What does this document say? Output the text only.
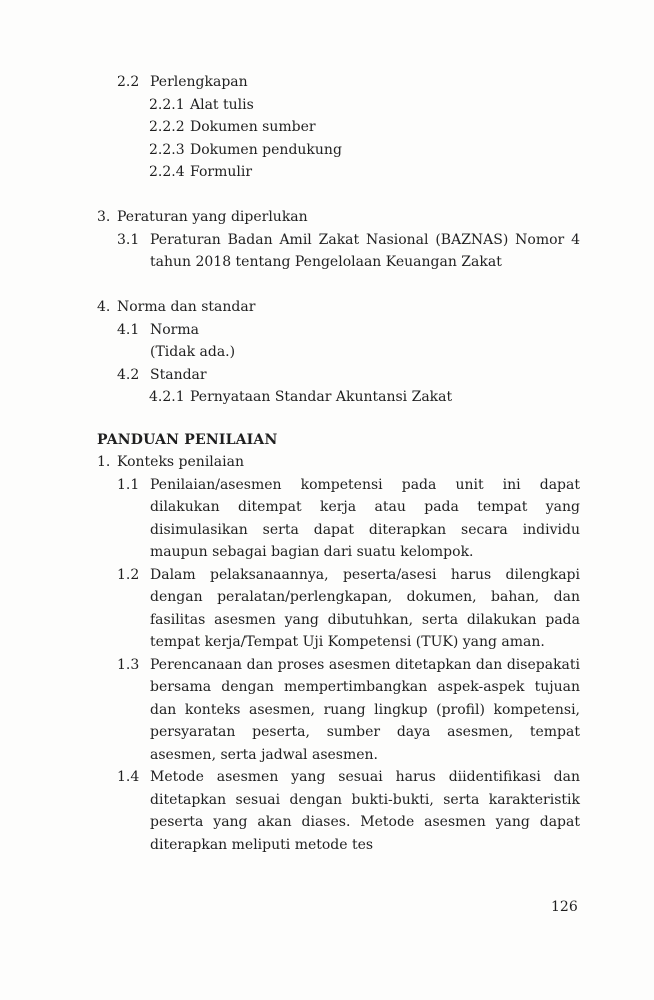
2.2 Perlengkapan
2.2.1 Alat tulis
2.2.2 Dokumen sumber
2.2.3 Dokumen pendukung
2.2.4 Formulir
3. Peraturan yang diperlukan
3.1 Peraturan Badan Amil Zakat Nasional (BAZNAS) Nomor 4 tahun 2018 tentang Pengelolaan Keuangan Zakat
4. Norma dan standar
4.1 Norma
(Tidak ada.)
4.2 Standar
4.2.1 Pernyataan Standar Akuntansi Zakat
PANDUAN PENILAIAN
1. Konteks penilaian
1.1 Penilaian/asesmen kompetensi pada unit ini dapat dilakukan ditempat kerja atau pada tempat yang disimulasikan serta dapat diterapkan secara individu maupun sebagai bagian dari suatu kelompok.
1.2 Dalam pelaksanaannya, peserta/asesi harus dilengkapi dengan peralatan/perlengkapan, dokumen, bahan, dan fasilitas asesmen yang dibutuhkan, serta dilakukan pada tempat kerja/Tempat Uji Kompetensi (TUK) yang aman.
1.3 Perencanaan dan proses asesmen ditetapkan dan disepakati bersama dengan mempertimbangkan aspek-aspek tujuan dan konteks asesmen, ruang lingkup (profil) kompetensi, persyaratan peserta, sumber daya asesmen, tempat asesmen, serta jadwal asesmen.
1.4 Metode asesmen yang sesuai harus diidentifikasi dan ditetapkan sesuai dengan bukti-bukti, serta karakteristik peserta yang akan diases. Metode asesmen yang dapat diterapkan meliputi metode tes
126
